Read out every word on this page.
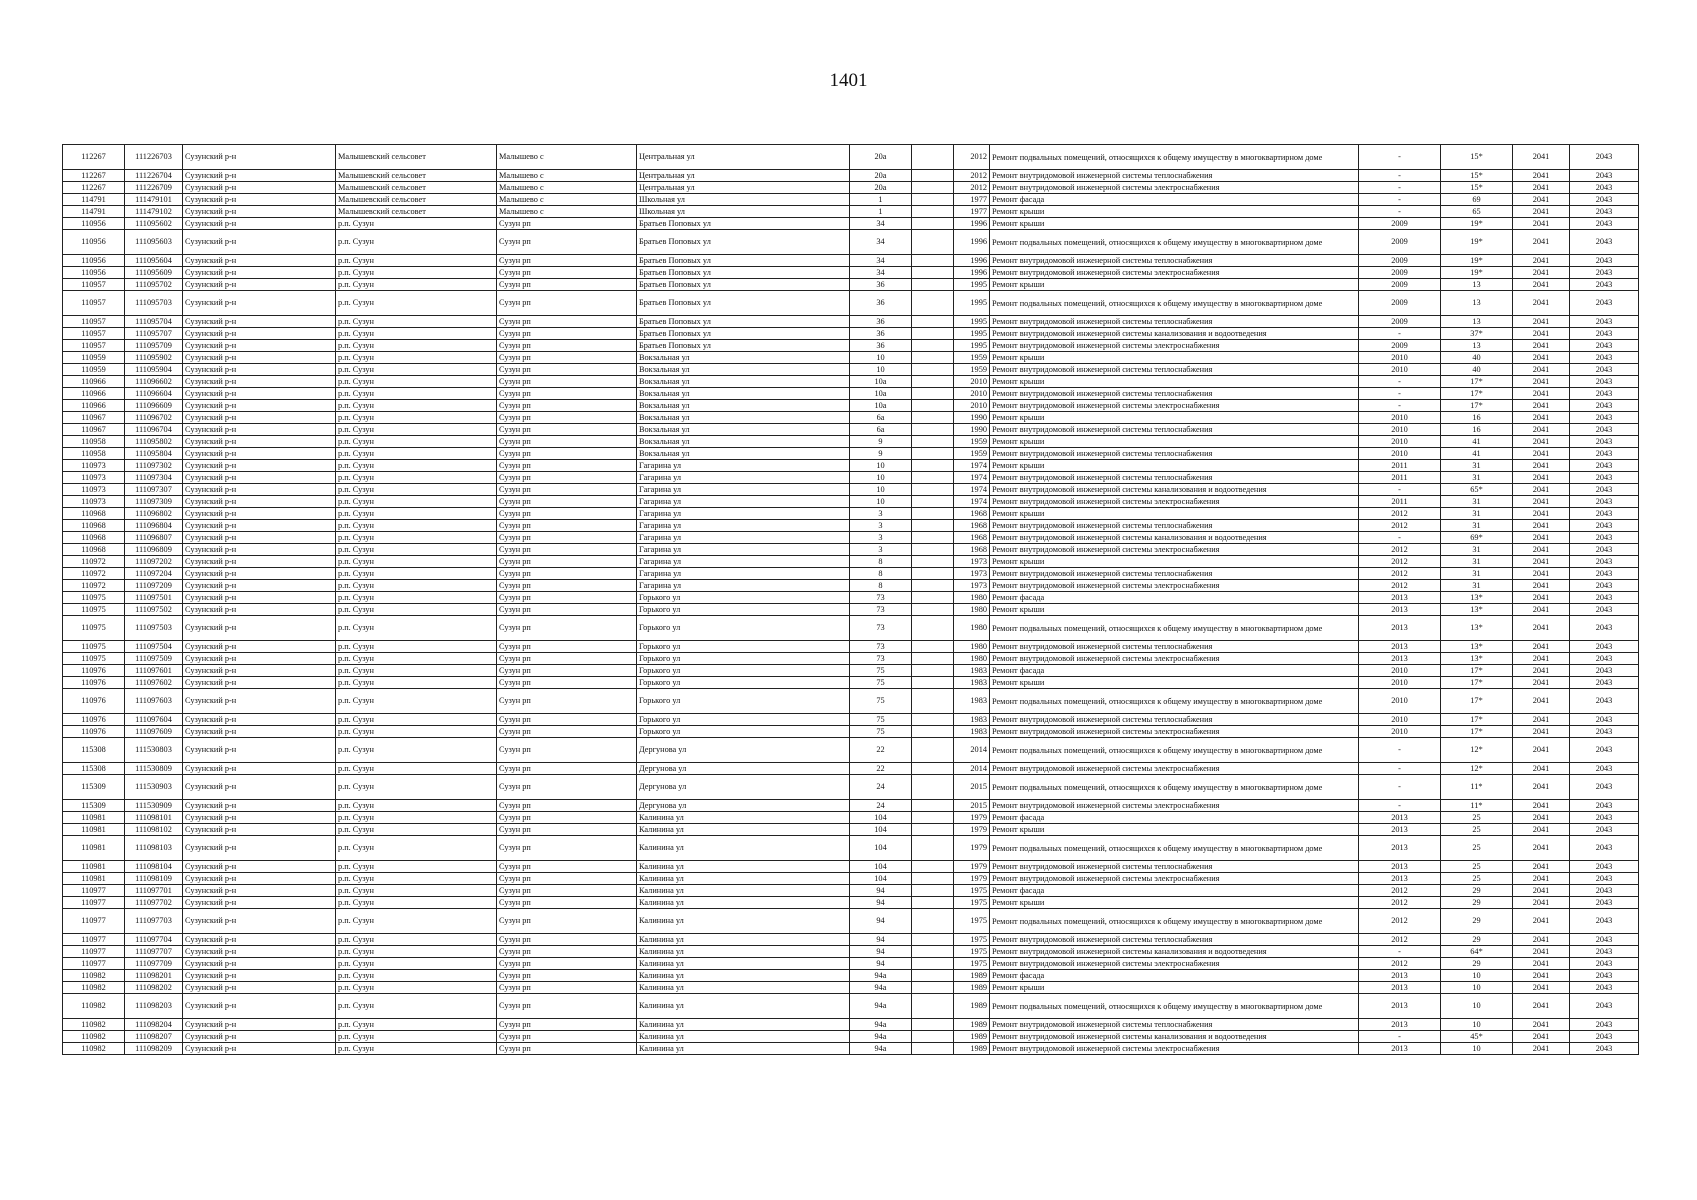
1401
112267	111226703	Сузунский р-н	Малышевский сельсовет	Малышево с	Центральная ул	20а		2012	Ремонт подвальных помещений, относящихся к общему имуществу в многоквартирном доме	-	15*	2041	2043
112267	111226704	Сузунский р-н	Малышевский сельсовет	Малышево с	Центральная ул	20а		2012	Ремонт внутридомовой инженерной системы теплоснабжения	-	15*	2041	2043
112267	111226709	Сузунский р-н	Малышевский сельсовет	Малышево с	Центральная ул	20а		2012	Ремонт внутридомовой инженерной системы электроснабжения	-	15*	2041	2043
114791	111479101	Сузунский р-н	Малышевский сельсовет	Малышево с	Школьная ул	1		1977	Ремонт фасада	-	69	2041	2043
114791	111479102	Сузунский р-н	Малышевский сельсовет	Малышево с	Школьная ул	1		1977	Ремонт крыши	-	65	2041	2043
110956	111095602	Сузунский р-н	р.п. Сузун	Сузун рп	Братьев Поповых ул	34		1996	Ремонт крыши	2009	19*	2041	2043
110956	111095603	Сузунский р-н	р.п. Сузун	Сузун рп	Братьев Поповых ул	34		1996	Ремонт подвальных помещений, относящихся к общему имуществу в многоквартирном доме	2009	19*	2041	2043
110956	111095604	Сузунский р-н	р.п. Сузун	Сузун рп	Братьев Поповых ул	34		1996	Ремонт внутридомовой инженерной системы теплоснабжения	2009	19*	2041	2043
110956	111095609	Сузунский р-н	р.п. Сузун	Сузун рп	Братьев Поповых ул	34		1996	Ремонт внутридомовой инженерной системы электроснабжения	2009	19*	2041	2043
110957	111095702	Сузунский р-н	р.п. Сузун	Сузун рп	Братьев Поповых ул	36		1995	Ремонт крыши	2009	13	2041	2043
110957	111095703	Сузунский р-н	р.п. Сузун	Сузун рп	Братьев Поповых ул	36		1995	Ремонт подвальных помещений, относящихся к общему имуществу в многоквартирном доме	2009	13	2041	2043
110957	111095704	Сузунский р-н	р.п. Сузун	Сузун рп	Братьев Поповых ул	36		1995	Ремонт внутридомовой инженерной системы теплоснабжения	2009	13	2041	2043
110957	111095707	Сузунский р-н	р.п. Сузун	Сузун рп	Братьев Поповых ул	36		1995	Ремонт внутридомовой инженерной системы канализования и водоотведения	-	37*	2041	2043
110957	111095709	Сузунский р-н	р.п. Сузун	Сузун рп	Братьев Поповых ул	36		1995	Ремонт внутридомовой инженерной системы электроснабжения	2009	13	2041	2043
110959	111095902	Сузунский р-н	р.п. Сузун	Сузун рп	Вокзальная ул	10		1959	Ремонт крыши	2010	40	2041	2043
110959	111095904	Сузунский р-н	р.п. Сузун	Сузун рп	Вокзальная ул	10		1959	Ремонт внутридомовой инженерной системы теплоснабжения	2010	40	2041	2043
110966	111096602	Сузунский р-н	р.п. Сузун	Сузун рп	Вокзальная ул	10а		2010	Ремонт крыши	-	17*	2041	2043
110966	111096604	Сузунский р-н	р.п. Сузун	Сузун рп	Вокзальная ул	10а		2010	Ремонт внутридомовой инженерной системы теплоснабжения	-	17*	2041	2043
110966	111096609	Сузунский р-н	р.п. Сузун	Сузун рп	Вокзальная ул	10а		2010	Ремонт внутридомовой инженерной системы электроснабжения	-	17*	2041	2043
110967	111096702	Сузунский р-н	р.п. Сузун	Сузун рп	Вокзальная ул	6а		1990	Ремонт крыши	2010	16	2041	2043
110967	111096704	Сузунский р-н	р.п. Сузун	Сузун рп	Вокзальная ул	6а		1990	Ремонт внутридомовой инженерной системы теплоснабжения	2010	16	2041	2043
110958	111095802	Сузунский р-н	р.п. Сузун	Сузун рп	Вокзальная ул	9		1959	Ремонт крыши	2010	41	2041	2043
110958	111095804	Сузунский р-н	р.п. Сузун	Сузун рп	Вокзальная ул	9		1959	Ремонт внутридомовой инженерной системы теплоснабжения	2010	41	2041	2043
110973	111097302	Сузунский р-н	р.п. Сузун	Сузун рп	Гагарина ул	10		1974	Ремонт крыши	2011	31	2041	2043
110973	111097304	Сузунский р-н	р.п. Сузун	Сузун рп	Гагарина ул	10		1974	Ремонт внутридомовой инженерной системы теплоснабжения	2011	31	2041	2043
110973	111097307	Сузунский р-н	р.п. Сузун	Сузун рп	Гагарина ул	10		1974	Ремонт внутридомовой инженерной системы канализования и водоотведения	-	65*	2041	2043
110973	111097309	Сузунский р-н	р.п. Сузун	Сузун рп	Гагарина ул	10		1974	Ремонт внутридомовой инженерной системы электроснабжения	2011	31	2041	2043
110968	111096802	Сузунский р-н	р.п. Сузун	Сузун рп	Гагарина ул	3		1968	Ремонт крыши	2012	31	2041	2043
110968	111096804	Сузунский р-н	р.п. Сузун	Сузун рп	Гагарина ул	3		1968	Ремонт внутридомовой инженерной системы теплоснабжения	2012	31	2041	2043
110968	111096807	Сузунский р-н	р.п. Сузун	Сузун рп	Гагарина ул	3		1968	Ремонт внутридомовой инженерной системы канализования и водоотведения	-	69*	2041	2043
110968	111096809	Сузунский р-н	р.п. Сузун	Сузун рп	Гагарина ул	3		1968	Ремонт внутридомовой инженерной системы электроснабжения	2012	31	2041	2043
110972	111097202	Сузунский р-н	р.п. Сузун	Сузун рп	Гагарина ул	8		1973	Ремонт крыши	2012	31	2041	2043
110972	111097204	Сузунский р-н	р.п. Сузун	Сузун рп	Гагарина ул	8		1973	Ремонт внутридомовой инженерной системы теплоснабжения	2012	31	2041	2043
110972	111097209	Сузунский р-н	р.п. Сузун	Сузун рп	Гагарина ул	8		1973	Ремонт внутридомовой инженерной системы электроснабжения	2012	31	2041	2043
110975	111097501	Сузунский р-н	р.п. Сузун	Сузун рп	Горького ул	73		1980	Ремонт фасада	2013	13*	2041	2043
110975	111097502	Сузунский р-н	р.п. Сузун	Сузун рп	Горького ул	73		1980	Ремонт крыши	2013	13*	2041	2043
110975	111097503	Сузунский р-н	р.п. Сузун	Сузун рп	Горького ул	73		1980	Ремонт подвальных помещений, относящихся к общему имуществу в многоквартирном доме	2013	13*	2041	2043
110975	111097504	Сузунский р-н	р.п. Сузун	Сузун рп	Горького ул	73		1980	Ремонт внутридомовой инженерной системы теплоснабжения	2013	13*	2041	2043
110975	111097509	Сузунский р-н	р.п. Сузун	Сузун рп	Горького ул	73		1980	Ремонт внутридомовой инженерной системы электроснабжения	2013	13*	2041	2043
110976	111097601	Сузунский р-н	р.п. Сузун	Сузун рп	Горького ул	75		1983	Ремонт фасада	2010	17*	2041	2043
110976	111097602	Сузунский р-н	р.п. Сузун	Сузун рп	Горького ул	75		1983	Ремонт крыши	2010	17*	2041	2043
110976	111097603	Сузунский р-н	р.п. Сузун	Сузун рп	Горького ул	75		1983	Ремонт подвальных помещений, относящихся к общему имуществу в многоквартирном доме	2010	17*	2041	2043
110976	111097604	Сузунский р-н	р.п. Сузун	Сузун рп	Горького ул	75		1983	Ремонт внутридомовой инженерной системы теплоснабжения	2010	17*	2041	2043
110976	111097609	Сузунский р-н	р.п. Сузун	Сузун рп	Горького ул	75		1983	Ремонт внутридомовой инженерной системы электроснабжения	2010	17*	2041	2043
115308	111530803	Сузунский р-н	р.п. Сузун	Сузун рп	Дергунова ул	22		2014	Ремонт подвальных помещений, относящихся к общему имуществу в многоквартирном доме	-	12*	2041	2043
115308	111530809	Сузунский р-н	р.п. Сузун	Сузун рп	Дергунова ул	22		2014	Ремонт внутридомовой инженерной системы электроснабжения	-	12*	2041	2043
115309	111530903	Сузунский р-н	р.п. Сузун	Сузун рп	Дергунова ул	24		2015	Ремонт подвальных помещений, относящихся к общему имуществу в многоквартирном доме	-	11*	2041	2043
115309	111530909	Сузунский р-н	р.п. Сузун	Сузун рп	Дергунова ул	24		2015	Ремонт внутридомовой инженерной системы электроснабжения	-	11*	2041	2043
110981	111098101	Сузунский р-н	р.п. Сузун	Сузун рп	Калинина ул	104		1979	Ремонт фасада	2013	25	2041	2043
110981	111098102	Сузунский р-н	р.п. Сузун	Сузун рп	Калинина ул	104		1979	Ремонт крыши	2013	25	2041	2043
110981	111098103	Сузунский р-н	р.п. Сузун	Сузун рп	Калинина ул	104		1979	Ремонт подвальных помещений, относящихся к общему имуществу в многоквартирном доме	2013	25	2041	2043
110981	111098104	Сузунский р-н	р.п. Сузун	Сузун рп	Калинина ул	104		1979	Ремонт внутридомовой инженерной системы теплоснабжения	2013	25	2041	2043
110981	111098109	Сузунский р-н	р.п. Сузун	Сузун рп	Калинина ул	104		1979	Ремонт внутридомовой инженерной системы электроснабжения	2013	25	2041	2043
110977	111097701	Сузунский р-н	р.п. Сузун	Сузун рп	Калинина ул	94		1975	Ремонт фасада	2012	29	2041	2043
110977	111097702	Сузунский р-н	р.п. Сузун	Сузун рп	Калинина ул	94		1975	Ремонт крыши	2012	29	2041	2043
110977	111097703	Сузунский р-н	р.п. Сузун	Сузун рп	Калинина ул	94		1975	Ремонт подвальных помещений, относящихся к общему имуществу в многоквартирном доме	2012	29	2041	2043
110977	111097704	Сузунский р-н	р.п. Сузун	Сузун рп	Калинина ул	94		1975	Ремонт внутридомовой инженерной системы теплоснабжения	2012	29	2041	2043
110977	111097707	Сузунский р-н	р.п. Сузун	Сузун рп	Калинина ул	94		1975	Ремонт внутридомовой инженерной системы канализования и водоотведения	-	64*	2041	2043
110977	111097709	Сузунский р-н	р.п. Сузун	Сузун рп	Калинина ул	94		1975	Ремонт внутридомовой инженерной системы электроснабжения	2012	29	2041	2043
110982	111098201	Сузунский р-н	р.п. Сузун	Сузун рп	Калинина ул	94а		1989	Ремонт фасада	2013	10	2041	2043
110982	111098202	Сузунский р-н	р.п. Сузун	Сузун рп	Калинина ул	94а		1989	Ремонт крыши	2013	10	2041	2043
110982	111098203	Сузунский р-н	р.п. Сузун	Сузун рп	Калинина ул	94а		1989	Ремонт подвальных помещений, относящихся к общему имуществу в многоквартирном доме	2013	10	2041	2043
110982	111098204	Сузунский р-н	р.п. Сузун	Сузун рп	Калинина ул	94а		1989	Ремонт внутридомовой инженерной системы теплоснабжения	2013	10	2041	2043
110982	111098207	Сузунский р-н	р.п. Сузун	Сузун рп	Калинина ул	94а		1989	Ремонт внутридомовой инженерной системы канализования и водоотведения	-	45*	2041	2043
110982	111098209	Сузунский р-н	р.п. Сузун	Сузун рп	Калинина ул	94а		1989	Ремонт внутридомовой инженерной системы электроснабжения	2013	10	2041	2043
